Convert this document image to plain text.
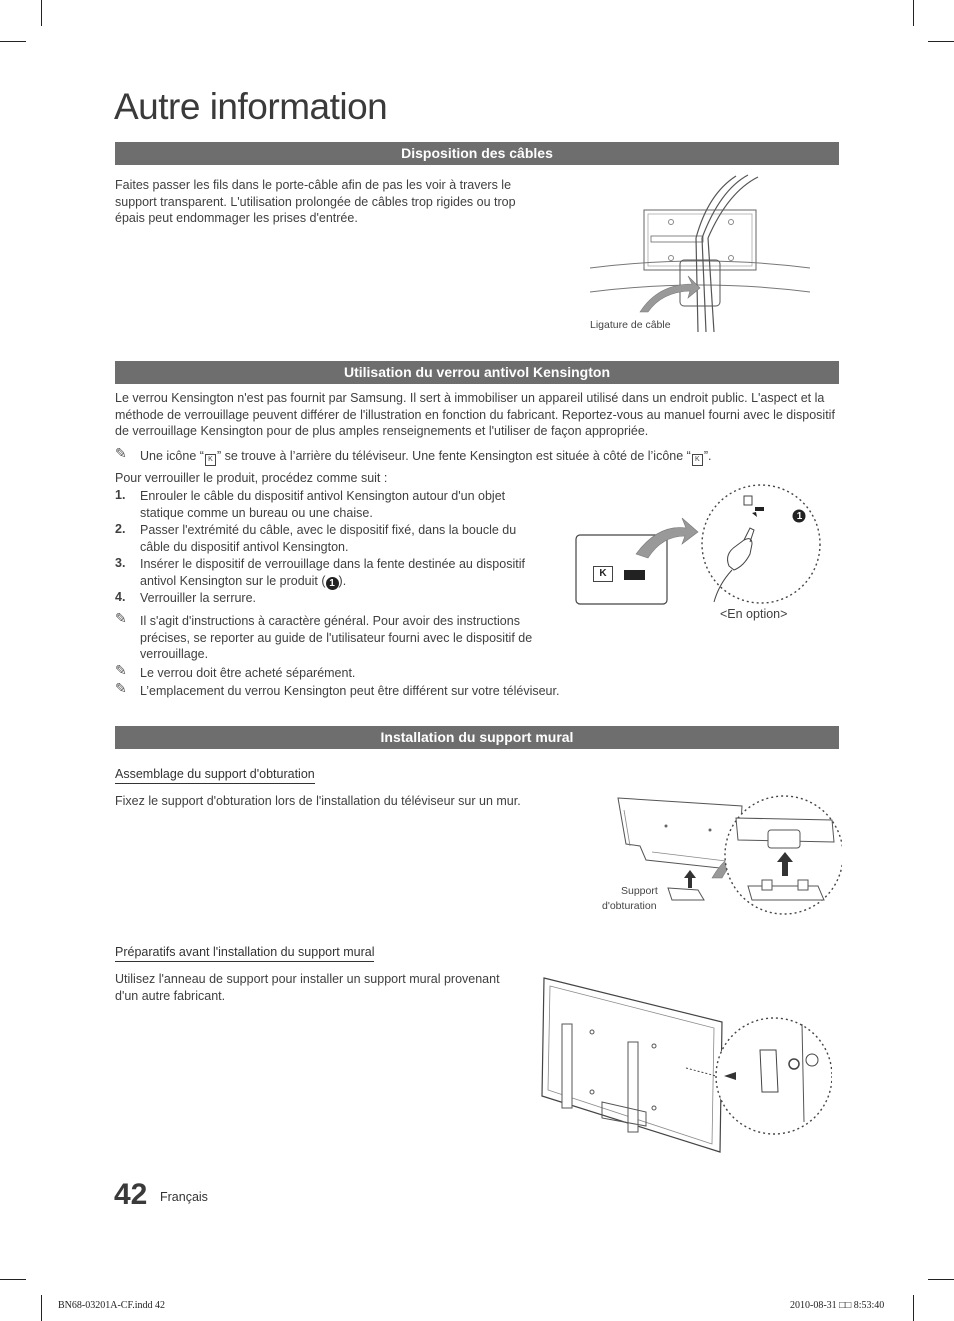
Autre information
Disposition des câbles
Faites passer les fils dans le porte-câble afin de pas les voir à travers le support transparent. L'utilisation prolongée de câbles trop rigides ou trop épais peut endommager les prises d'entrée.
Ligature de câble
Utilisation du verrou antivol Kensington
Le verrou Kensington n'est pas fournit par Samsung. Il sert à immobiliser un appareil utilisé dans un endroit public. L'aspect et la méthode de verrouillage peuvent différer de l'illustration en fonction du fabricant. Reportez-vous au manuel fourni avec le dispositif de verrouillage Kensington pour de plus amples renseignements et l'utiliser de façon appropriée.
✎ Une icône “ K ” se trouve à l’arrière du téléviseur. Une fente Kensington est située à côté de l’icône “ K ”.
Pour verrouiller le produit, procédez comme suit :
1. Enrouler le câble du dispositif antivol Kensington autour d'un objet statique comme un bureau ou une chaise.
2. Passer l'extrémité du câble, avec le dispositif fixé, dans la boucle du câble du dispositif antivol Kensington.
3. Insérer le dispositif de verrouillage dans la fente destinée au dispositif antivol Kensington sur le produit ( 1 ).
4. Verrouiller la serrure.
✎ Il s'agit d'instructions à caractère général. Pour avoir des instructions précises, se reporter au guide de l'utilisateur fourni avec le dispositif de verrouillage.
✎ Le verrou doit être acheté séparément.
✎ L’emplacement du verrou Kensington peut être différent sur votre téléviseur.
<En option>
K
1
Installation du support mural
Assemblage du support d'obturation
Fixez le support d'obturation lors de l'installation du téléviseur sur un mur.
Support
d'obturation
Préparatifs avant l'installation du support mural
Utilisez l'anneau de support pour installer un support mural provenant d'un autre fabricant.
42 Français
BN68-03201A-CF.indd 42	2010-08-31 □□ 8:53:40
